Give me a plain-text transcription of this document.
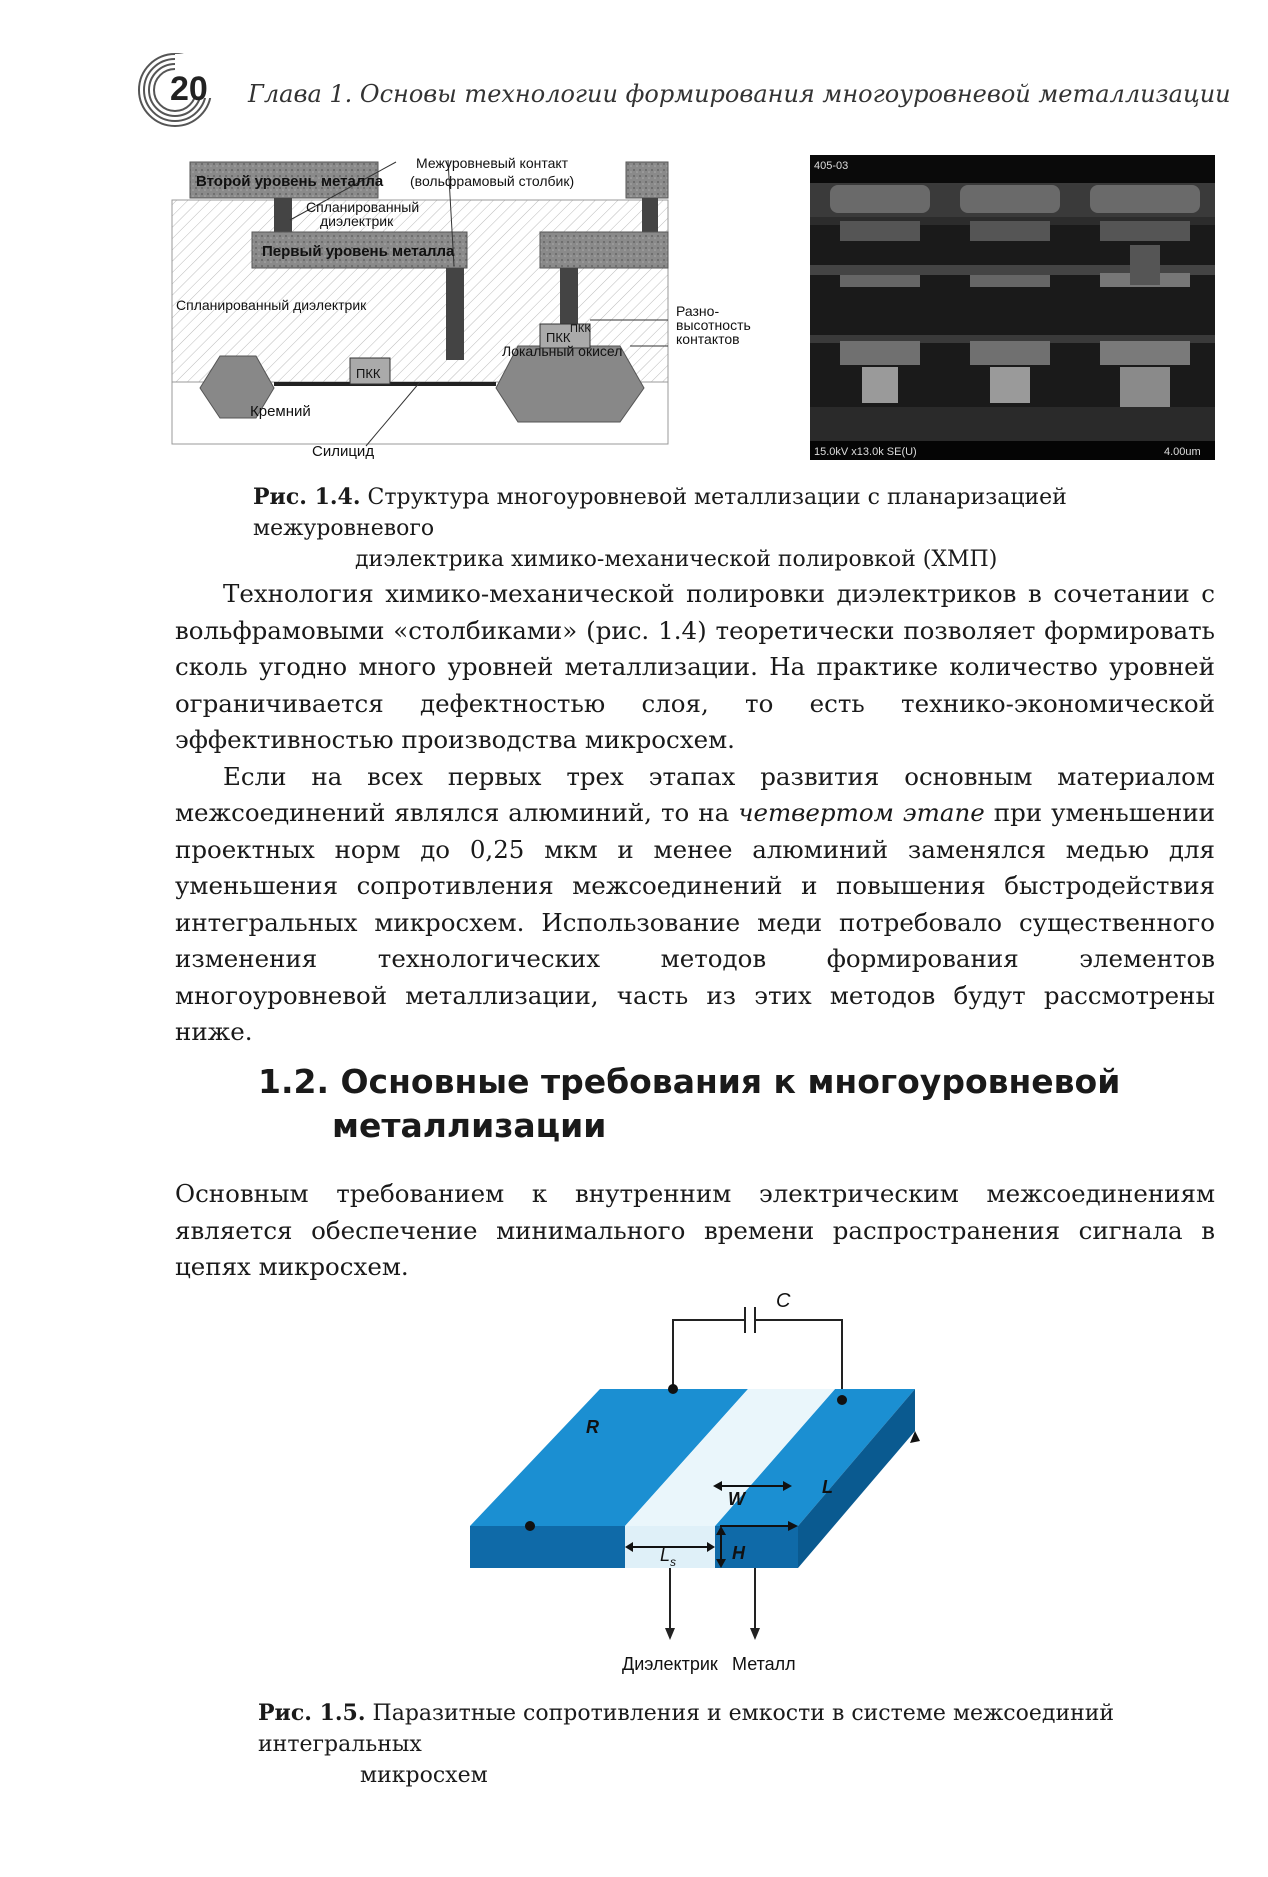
20 Глава 1. Основы технологии формирования многоуровневой металлизации
Второй уровень металла
Межуровневый контакт
(вольфрамовый столбик)
Спланированный
диэлектрик
Первый уровень металла
Спланированный диэлектрик
ПКК
ПКК
ПКК
Локальный окисел
Разно-
высотность
контактов
Кремний
Силицид
405-03
15.0kV x13.0k SE(U)	4.00um
Рис. 1.4. Структура многоуровневой металлизации с планаризацией межуровневого
диэлектрика химико-механической полировкой (ХМП)

Технология химико-механической полировки диэлектриков в сочетании с вольфрамовыми «столбиками» (рис. 1.4) теоретически позволяет формировать сколь угодно много уровней металлизации. На практике количество уровней ограничивается дефектностью слоя, то есть технико-экономической эффективностью производства микросхем.

Если на всех первых трех этапах развития основным материалом межсоединений являлся алюминий, то на четвертом этапе при уменьшении проектных норм до 0,25 мкм и менее алюминий заменялся медью для уменьшения сопротивления межсоединений и повышения быстродействия интегральных микросхем. Использование меди потребовало существенного изменения технологических методов формирования элементов многоуровневой металлизации, часть из этих методов будут рассмотрены ниже.

1.2. Основные требования к многоуровневой
металлизации

Основным требованием к внутренним электрическим межсоединениям является обеспечение минимального времени распространения сигнала в цепях микросхем.

C
R
W
L
H
$L_s$
Диэлектрик Металл
Рис. 1.5. Паразитные сопротивления и емкости в системе межсоединий интегральных
микросхем
